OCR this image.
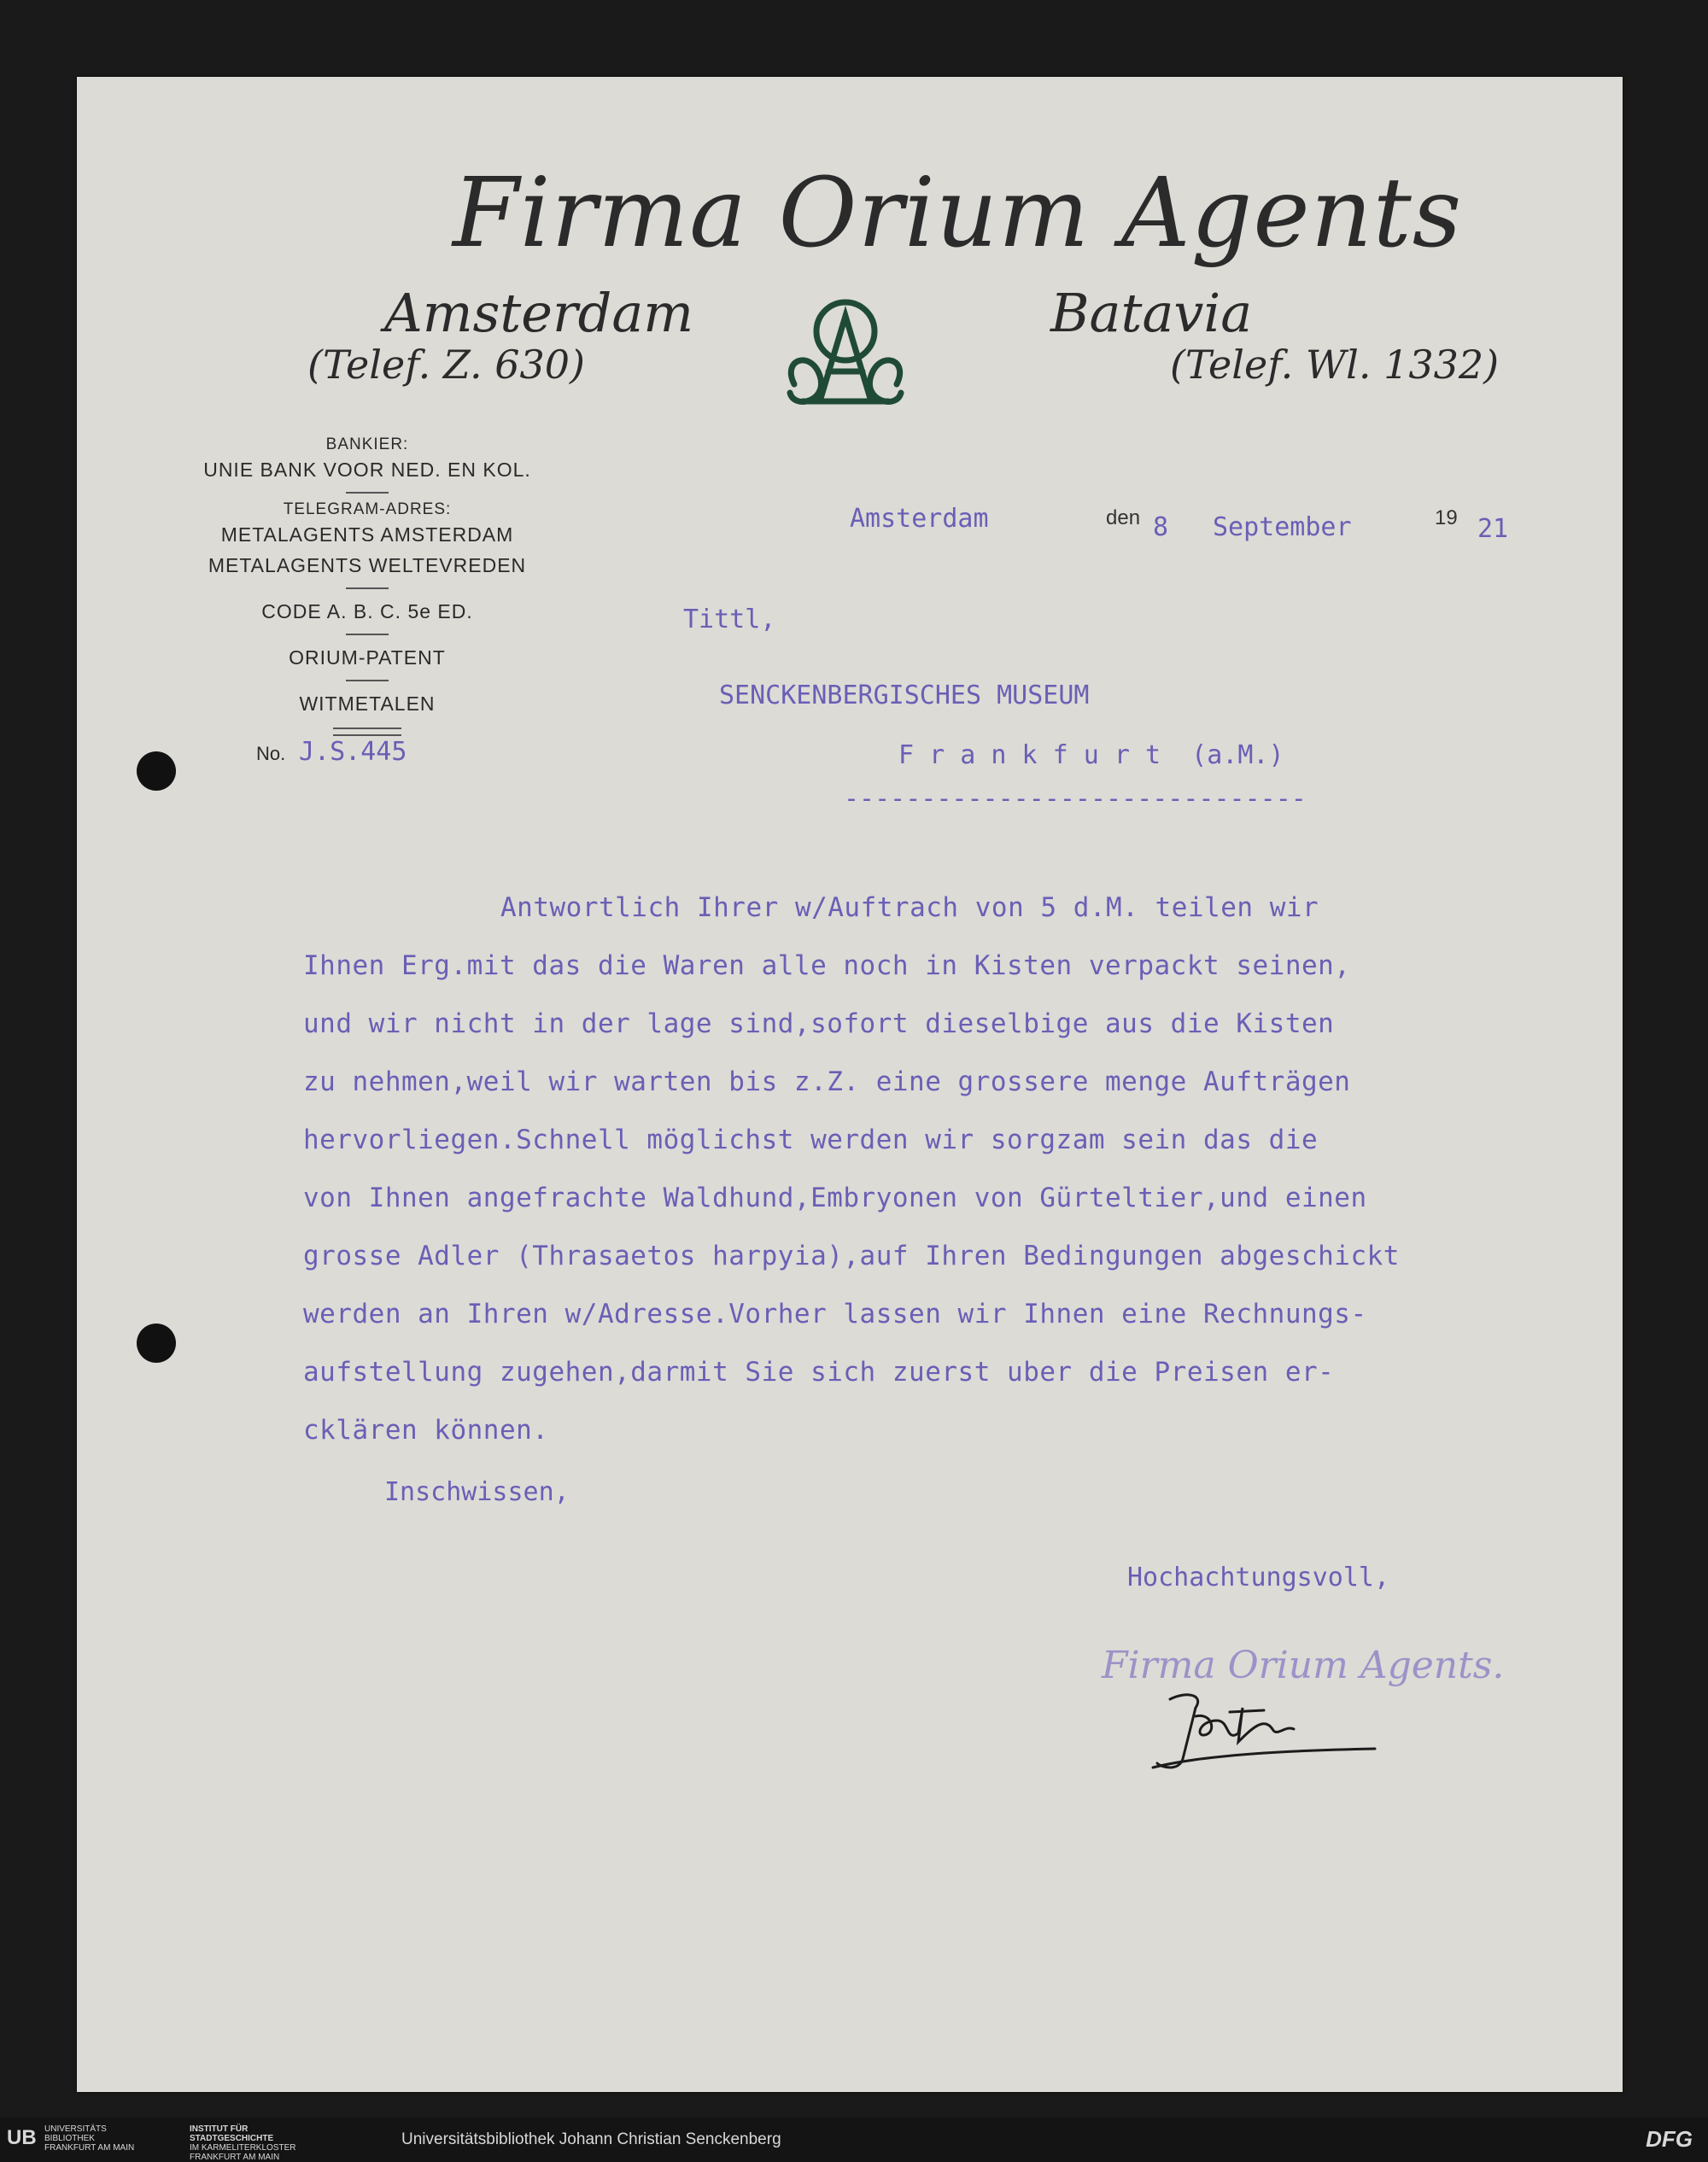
Firma Orium Agents
Amsterdam	Batavia
(Telef. Z. 630)	(Telef. Wl. 1332)
BANKIER:
UNIE BANK VOOR NED. EN KOL.
TELEGRAM-ADRES:
METALAGENTS AMSTERDAM
METALAGENTS WELTEVREDEN
CODE A. B. C. 5e ED.
ORIUM-PATENT
WITMETALEN
No. J.S.445
Amsterdam	den 8 September	19 21
Tittl,
SENCKENBERGISCHES MUSEUM
F r a n k f u r t  (a.M.)
------------------------------
Antwortlich Ihrer w/Auftrach von 5 d.M. teilen wir
Ihnen Erg.mit das die Waren alle noch in Kisten verpackt seinen,
und wir nicht in der lage sind,sofort dieselbige aus die Kisten
zu nehmen,weil wir warten bis z.Z. eine grossere menge Aufträgen
hervorliegen.Schnell möglichst werden wir sorgzam sein das die
von Ihnen angefrachte Waldhund,Embryonen von Gürteltier,und einen
grosse Adler (Thrasaetos harpyia),auf Ihren Bedingungen abgeschickt
werden an Ihren w/Adresse.Vorher lassen wir Ihnen eine Rechnungs-
aufstellung zugehen,darmit Sie sich zuerst uber die Preisen er-
cklären können.
Inschwissen,
Hochachtungsvoll,
Firma Orium Agents.
UB UNIVERSITÄTS
BIBLIOTHEK
FRANKFURT AM MAIN
INSTITUT FÜR
STADTGESCHICHTE
IM KARMELITERKLOSTER
FRANKFURT AM MAIN
Universitätsbibliothek Johann Christian Senckenberg	DFG
